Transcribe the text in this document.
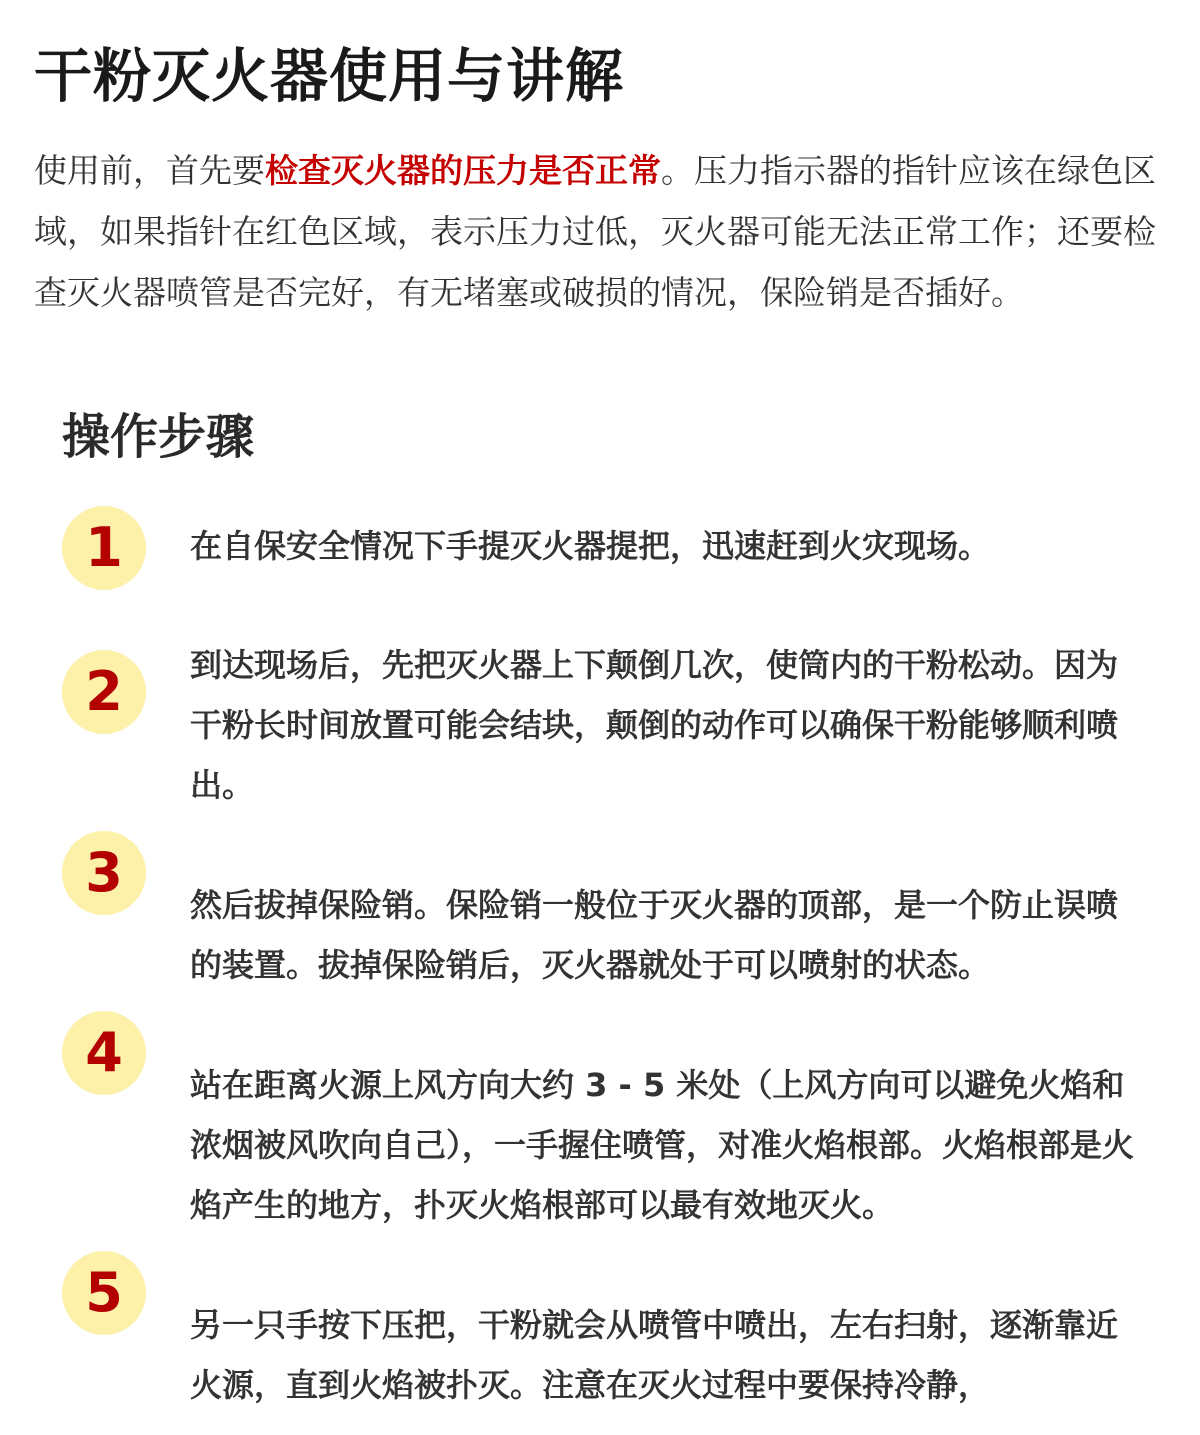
干粉灭火器使用与讲解

使用前，首先要检查灭火器的压力是否正常。压力指示器的指针应该在绿色区域，如果指针在红色区域，表示压力过低，灭火器可能无法正常工作；还要检查灭火器喷管是否完好，有无堵塞或破损的情况，保险销是否插好。

操作步骤
1	在自保安全情况下手提灭火器提把，迅速赶到火灾现场。

2	到达现场后，先把灭火器上下颠倒几次，使筒内的干粉松动。因为干粉长时间放置可能会结块，颠倒的动作可以确保干粉能够顺利喷出。

3

然后拔掉保险销。保险销一般位于灭火器的顶部，是一个防止误喷的装置。拔掉保险销后，灭火器就处于可以喷射的状态。

4

站在距离火源上风方向大约 3 - 5 米处（上风方向可以避免火焰和浓烟被风吹向自己），一手握住喷管，对准火焰根部。火焰根部是火焰产生的地方，扑灭火焰根部可以最有效地灭火。

5

另一只手按下压把，干粉就会从喷管中喷出，左右扫射，逐渐靠近火源，直到火焰被扑灭。注意在灭火过程中要保持冷静，
